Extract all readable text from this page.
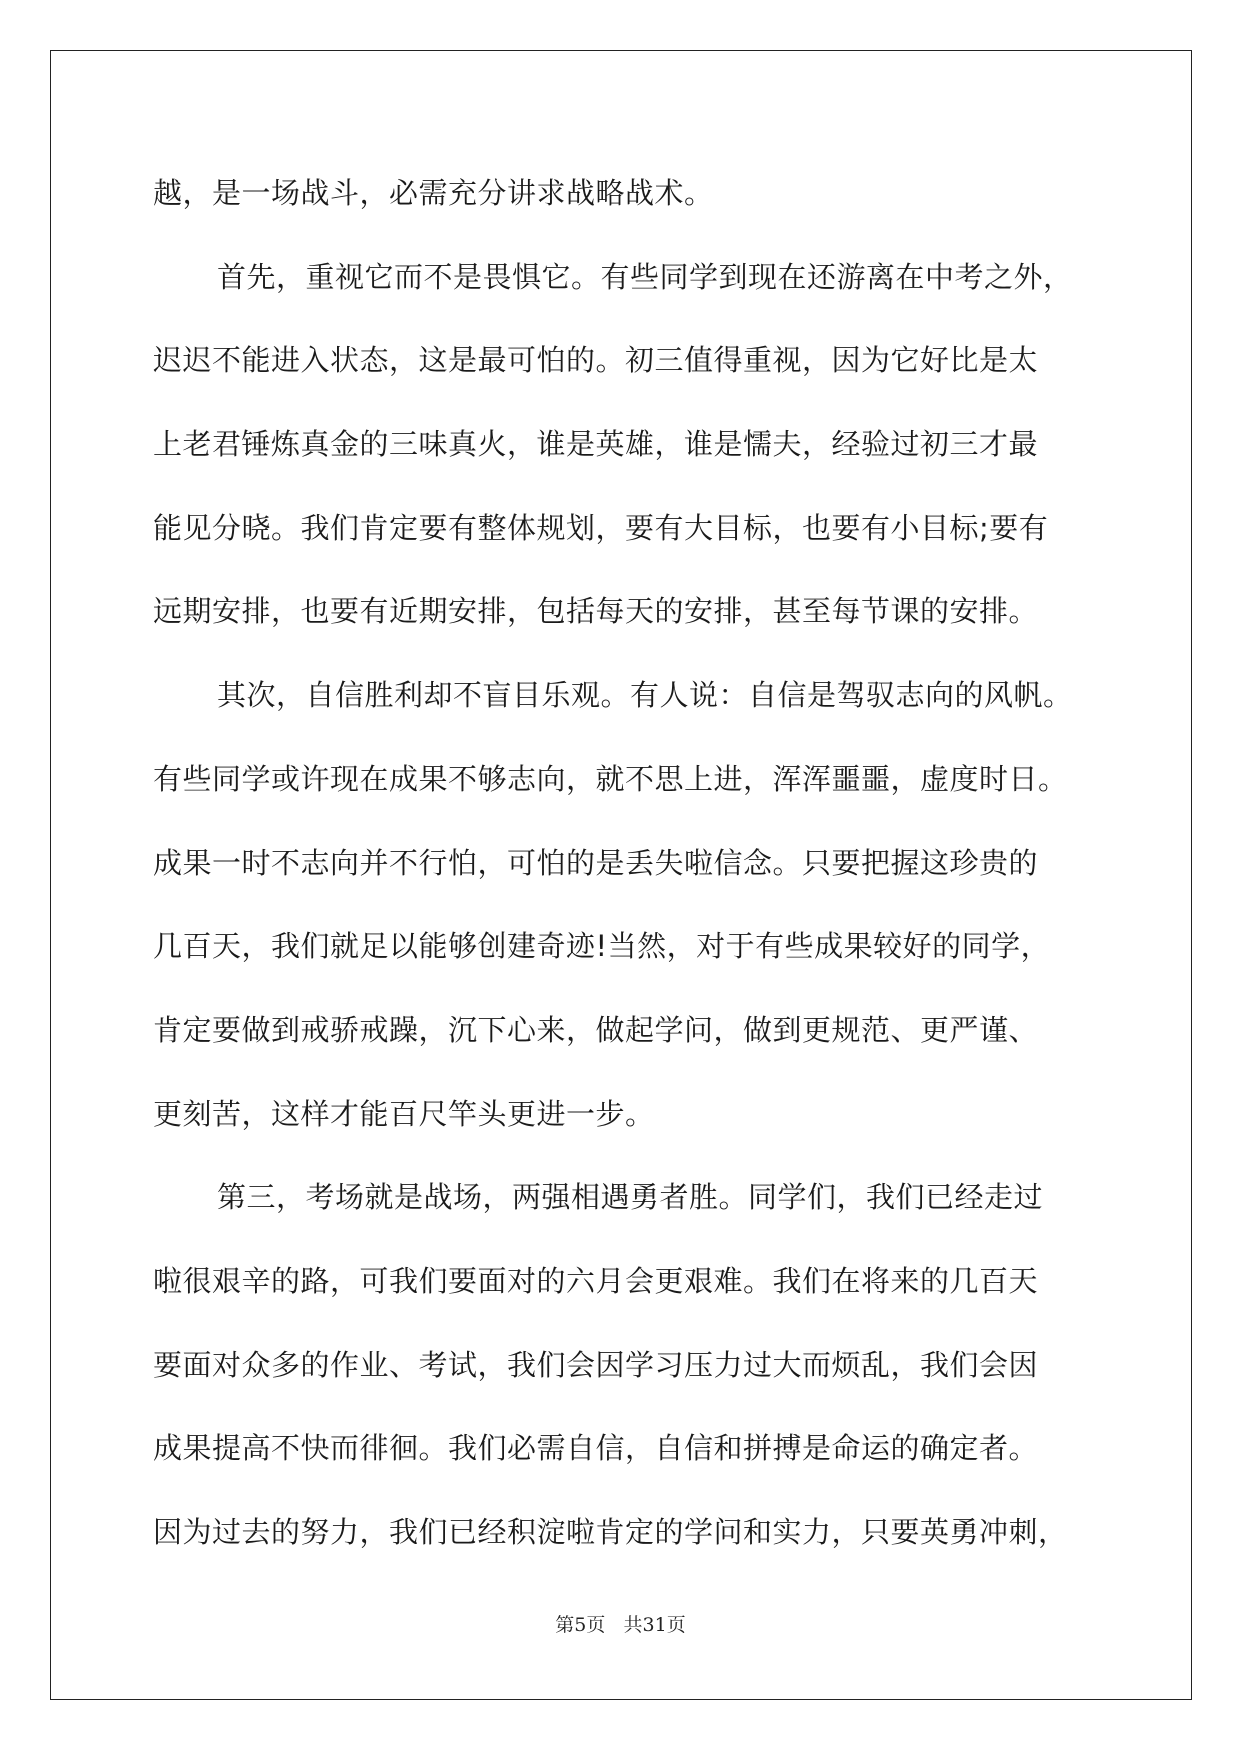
越，是一场战斗，必需充分讲求战略战术。

首先，重视它而不是畏惧它。有些同学到现在还游离在中考之外，

迟迟不能进入状态，这是最可怕的。初三值得重视，因为它好比是太

上老君锤炼真金的三味真火，谁是英雄，谁是懦夫，经验过初三才最

能见分晓。我们肯定要有整体规划，要有大目标，也要有小目标;要有

远期安排，也要有近期安排，包括每天的安排，甚至每节课的安排。

其次，自信胜利却不盲目乐观。有人说：自信是驾驭志向的风帆。

有些同学或许现在成果不够志向，就不思上进，浑浑噩噩，虚度时日。

成果一时不志向并不行怕，可怕的是丢失啦信念。只要把握这珍贵的

几百天，我们就足以能够创建奇迹!当然，对于有些成果较好的同学，

肯定要做到戒骄戒躁，沉下心来，做起学问，做到更规范、更严谨、

更刻苦，这样才能百尺竿头更进一步。

第三，考场就是战场，两强相遇勇者胜。同学们，我们已经走过

啦很艰辛的路，可我们要面对的六月会更艰难。我们在将来的几百天

要面对众多的作业、考试，我们会因学习压力过大而烦乱，我们会因

成果提高不快而徘徊。我们必需自信，自信和拼搏是命运的确定者。

因为过去的努力，我们已经积淀啦肯定的学问和实力，只要英勇冲刺，

第5页 共31页
